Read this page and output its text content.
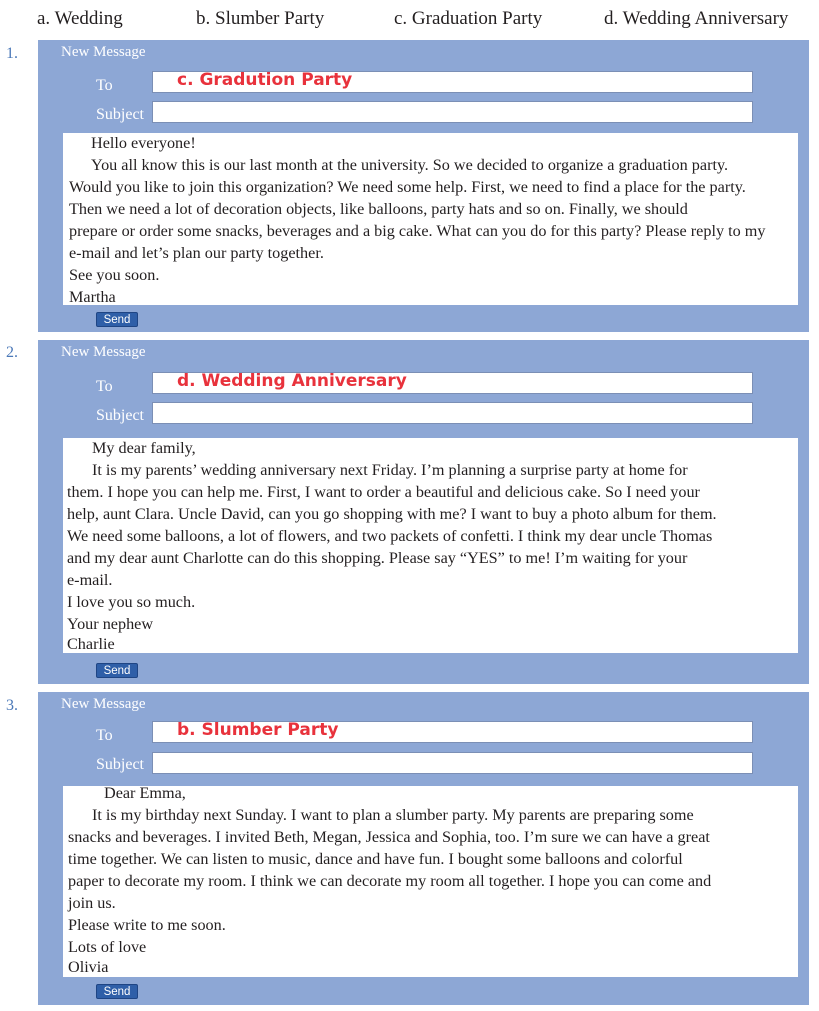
a. Wedding	b. Slumber Party	c. Graduation Party	d. Wedding Anniversary
1.	New Message
To	c. Gradution Party
Subject
Hello everyone!
You all know this is our last month at the university. So we decided to organize a graduation party.
Would you like to join this organization? We need some help. First, we need to find a place for the party.
Then we need a lot of decoration objects, like balloons, party hats and so on. Finally, we should
prepare or order some snacks, beverages and a big cake. What can you do for this party? Please reply to my
e-mail and let’s plan our party together.
See you soon.
Martha
Send
2.	New Message
To	d. Wedding Anniversary
Subject
My dear family,
It is my parents’ wedding anniversary next Friday. I’m planning a surprise party at home for
them. I hope you can help me. First, I want to order a beautiful and delicious cake. So I need your
help, aunt Clara. Uncle David, can you go shopping with me? I want to buy a photo album for them.
We need some balloons, a lot of flowers, and two packets of confetti. I think my dear uncle Thomas
and my dear aunt Charlotte can do this shopping. Please say “YES” to me! I’m waiting for your
e-mail.
I love you so much.
Your nephew
Charlie
Send
3.	New Message
To	b. Slumber Party
Subject
Dear Emma,
It is my birthday next Sunday. I want to plan a slumber party. My parents are preparing some
snacks and beverages. I invited Beth, Megan, Jessica and Sophia, too. I’m sure we can have a great
time together. We can listen to music, dance and have fun. I bought some balloons and colorful
paper to decorate my room. I think we can decorate my room all together. I hope you can come and
join us.
Please write to me soon.
Lots of love
Olivia
Send
